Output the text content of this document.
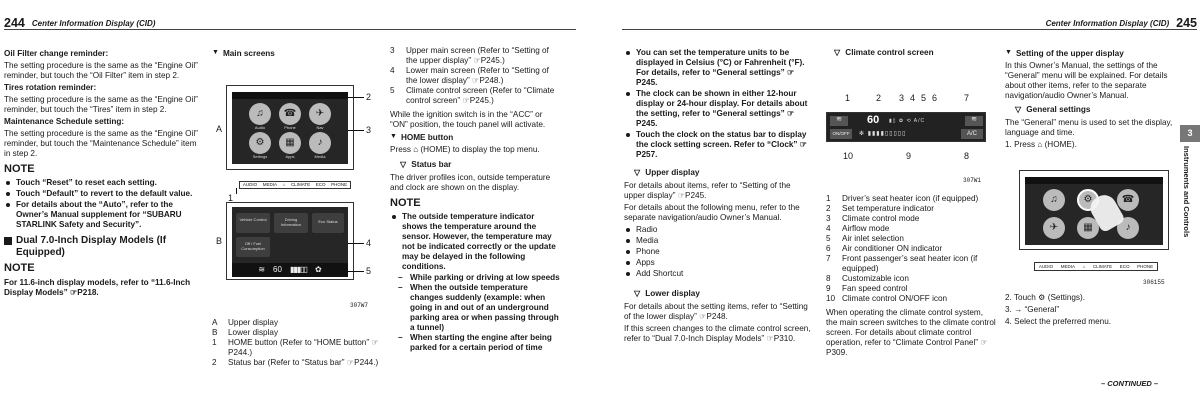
244 Center Information Display (CID)	Center Information Display (CID) 245

Oil Filter change reminder:

The setting procedure is the same as the “Engine Oil” reminder, but touch the “Oil Filter” item in step 2.

Tires rotation reminder:

The setting procedure is the same as the “Engine Oil” reminder, but touch the “Tires” item in step 2.

Maintenance Schedule setting:

The setting procedure is the same as the “Engine Oil” reminder, but touch the “Maintenance Schedule” item in step 2.

NOTE
Touch “Reset” to reset each setting.
Touch “Default” to revert to the default value.
For details about the “Auto”, refer to the Owner’s Manual supplement for “SUBARU STARLINK Safety and Security”.
Dual 7.0-Inch Display Models (If Equipped)
NOTE

For 11.6-inch display models, refer to “11.6-Inch Display Models” ☞P218.

▼ Main screens
♫	☎	✈
⚙	▦	♪
Audio	Phone	Nav
Settings	Apps	Media
AUDIO MEDIA ⌂ CLIMATE ECO PHONE
Vehicle Control	Driving Information
Eco Status
Off / Fuel Consumption
≋ 60 ▮▮▮▯▯ ✿
A
B
2
3
4
5
1
307W7
A	Upper display
B	Lower display
1	HOME button (Refer to “HOME button” ☞P244.)
2	Status bar (Refer to “Status bar” ☞P244.)
3	Upper main screen (Refer to “Setting of the upper display” ☞P245.)
4	Lower main screen (Refer to “Setting of the lower display” ☞P248.)
5	Climate control screen (Refer to “Climate control screen” ☞P245.)

While the ignition switch is in the “ACC” or “ON” position, the touch panel will activate.

▼ HOME button

Press ⌂ (HOME) to display the top menu.

▽ Status bar

The driver profiles icon, outside temperature and clock are shown on the display.

NOTE
The outside temperature indicator shows the temperature around the sensor. However, the temperature may not be indicated correctly or the update may be delayed in the following conditions.
– While parking or driving at low speeds
– When the outside temperature changes suddenly (example: when going in and out of an underground parking area or when passing through a tunnel)
– When starting the engine after being parked for a certain period of time
You can set the temperature units to be displayed in Celsius (°C) or Fahrenheit (°F). For details, refer to “General settings” ☞P245.
The clock can be shown in either 12-hour display or 24-hour display. For details about the setting, refer to “General settings” ☞P245.
Touch the clock on the status bar to display the clock setting screen. Refer to “Clock” ☞P257.
▽ Upper display

For details about items, refer to “Setting of the upper display” ☞P245.

For details about the following menu, refer to the separate navigation/audio Owner’s Manual.

Radio
Media
Phone
Apps
Add Shortcut
▽ Lower display

For details about the setting items, refer to “Setting of the lower display” ☞P248.

If this screen changes to the climate control screen, refer to “Dual 7.0-Inch Display Models” ☞P310.

▽ Climate control screen
1	2 3 4 5 6	7
≋	60 ▮▯ ✿ ⟲ A/C	≋
ON/OFF	✻ ▮▮▮▮▯▯▯▯▯	A/C
10	9	8
307W1
1	Driver’s seat heater icon (if equipped)
2	Set temperature indicator
3	Climate control mode
4	Airflow mode
5	Air inlet selection
6	Air conditioner ON indicator
7	Front passenger’s seat heater icon (if equipped)
8	Customizable icon
9	Fan speed control
10 Climate control ON/OFF icon

When operating the climate control system, the main screen switches to the climate control screen. For details about climate control operation, refer to “Climate Control Panel” ☞P309.

▼ Setting of the upper display

In this Owner’s Manual, the settings of the “General” menu will be explained. For details about other items, refer to the separate navigation/audio Owner’s Manual.

▽ General settings

The “General” menu is used to set the display, language and time.

1. Press ⌂ (HOME).

♫	⚙	☎
✈	▦	♪
AUDIO MEDIA ⌂ CLIMATE ECO PHONE
306155

2. Touch ⚙ (Settings).

3. → “General”

4. Select the preferred menu.

3
Instruments and Controls
– CONTINUED –
